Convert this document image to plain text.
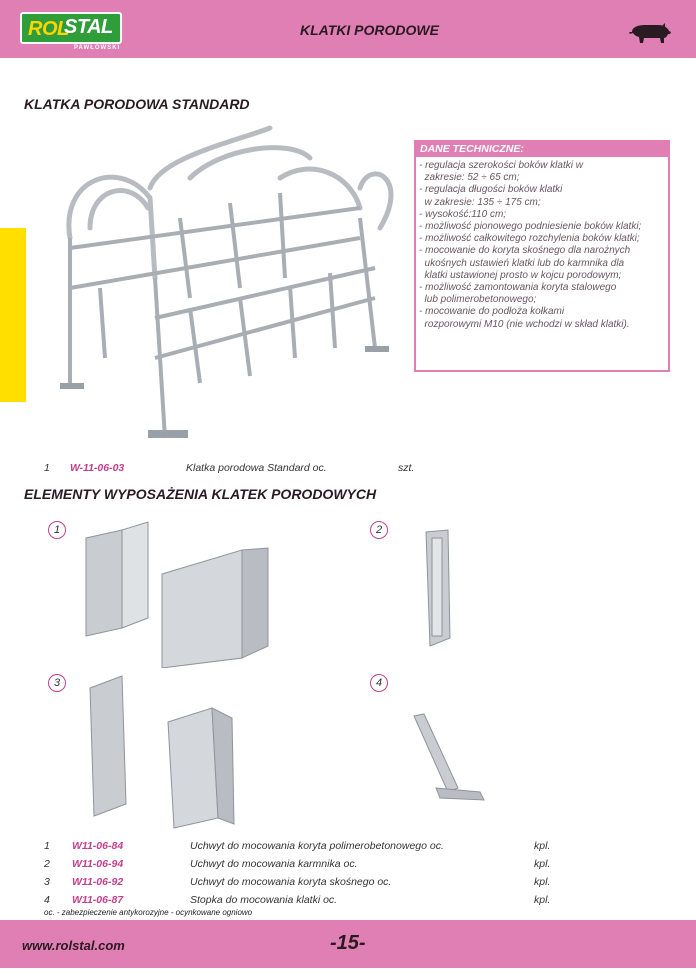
ROL
STAL
PAWŁOWSKI
KLATKI PORODOWE
KLATKA PORODOWA STANDARD
DANE TECHNICZNE:
- regulacja szerokości boków klatki w
zakresie: 52 ÷ 65 cm;
- regulacja długości boków klatki
w zakresie: 135 ÷ 175 cm;
- wysokość:110 cm;
- możliwość pionowego podniesienie boków klatki;
- możliwość całkowitego rozchylenia boków klatki;
- mocowanie do koryta skośnego dla narożnych
ukośnych ustawień klatki lub do karmnika dla
klatki ustawionej prosto w kojcu porodowym;
- możliwość zamontowania koryta stalowego
lub polimerobetonowego;
- mocowanie do podłoża kołkami
rozporowymi M10 (nie wchodzi w skład klatki).
1 W-11-06-03	Klatka porodowa Standard oc.	szt.
ELEMENTY WYPOSAŻENIA KLATEK PORODOWYCH
1	2
3	4
1 W11-06-84	Uchwyt do mocowania koryta polimerobetonowego oc.	kpl.
2 W11-06-94	Uchwyt do mocowania karmnika oc.	kpl.
3 W11-06-92	Uchwyt do mocowania koryta skośnego oc.	kpl.
4 W11-06-87	Stopka do mocowania klatki oc.	kpl.
oc. - zabezpieczenie antykorozyjne - ocynkowane ogniowo
www.rolstal.com	-15-
